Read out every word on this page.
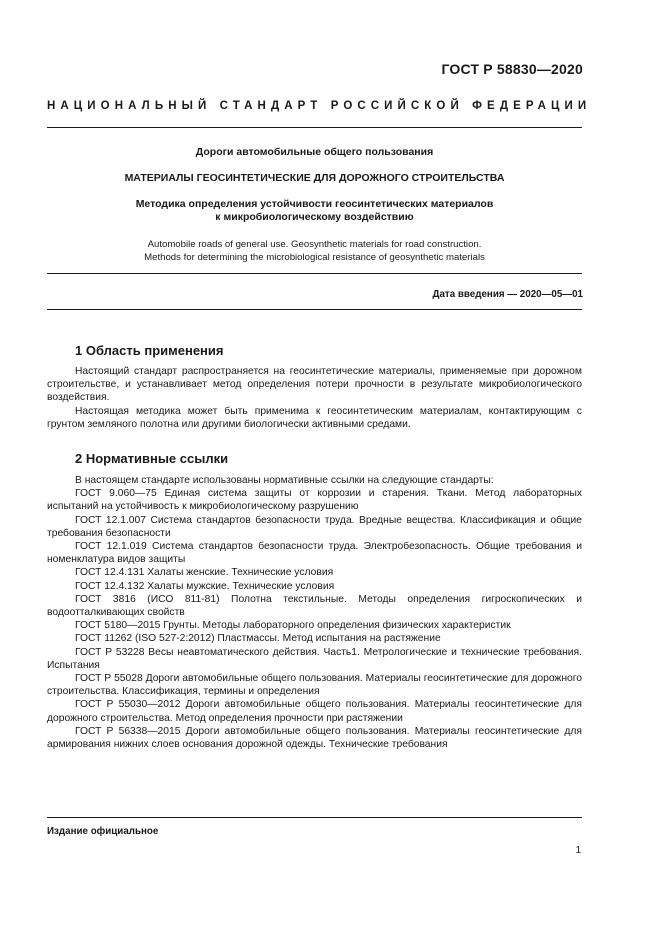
ГОСТ Р 58830—2020
НАЦИОНАЛЬНЫЙ СТАНДАРТ РОССИЙСКОЙ ФЕДЕРАЦИИ
Дороги автомобильные общего пользования
МАТЕРИАЛЫ ГЕОСИНТЕТИЧЕСКИЕ ДЛЯ ДОРОЖНОГО СТРОИТЕЛЬСТВА
Методика определения устойчивости геосинтетических материалов
к микробиологическому воздействию
Automobile roads of general use. Geosynthetic materials for road construction.
Methods for determining the microbiological resistance of geosynthetic materials
Дата введения — 2020—05—01
1 Область применения

Настоящий стандарт распространяется на геосинтетические материалы, применяемые при дорожном строительстве, и устанавливает метод определения потери прочности в результате микробиологического воздействия.

Настоящая методика может быть применима к геосинтетическим материалам, контактирующим с грунтом земляного полотна или другими биологически активными средами.

2 Нормативные ссылки

В настоящем стандарте использованы нормативные ссылки на следующие стандарты:

ГОСТ 9.060—75 Единая система защиты от коррозии и старения. Ткани. Метод лабораторных испытаний на устойчивость к микробиологическому разрушению

ГОСТ 12.1.007 Система стандартов безопасности труда. Вредные вещества. Классификация и общие требования безопасности

ГОСТ 12.1.019 Система стандартов безопасности труда. Электробезопасность. Общие требования и номенклатура видов защиты

ГОСТ 12.4.131 Халаты женские. Технические условия

ГОСТ 12.4.132 Халаты мужские. Технические условия

ГОСТ 3816 (ИСО 811-81) Полотна текстильные. Методы определения гигроскопических и водоотталкивающих свойств

ГОСТ 5180—2015 Грунты. Методы лабораторного определения физических характеристик

ГОСТ 11262 (ISO 527-2:2012) Пластмассы. Метод испытания на растяжение

ГОСТ Р 53228 Весы неавтоматического действия. Часть1. Метрологические и технические требования. Испытания

ГОСТ Р 55028 Дороги автомобильные общего пользования. Материалы геосинтетические для дорожного строительства. Классификация, термины и определения

ГОСТ Р 55030—2012 Дороги автомобильные общего пользования. Материалы геосинтетические для дорожного строительства. Метод определения прочности при растяжении

ГОСТ Р 56338—2015 Дороги автомобильные общего пользования. Материалы геосинтетические для армирования нижних слоев основания дорожной одежды. Технические требования

Издание официальное
1
